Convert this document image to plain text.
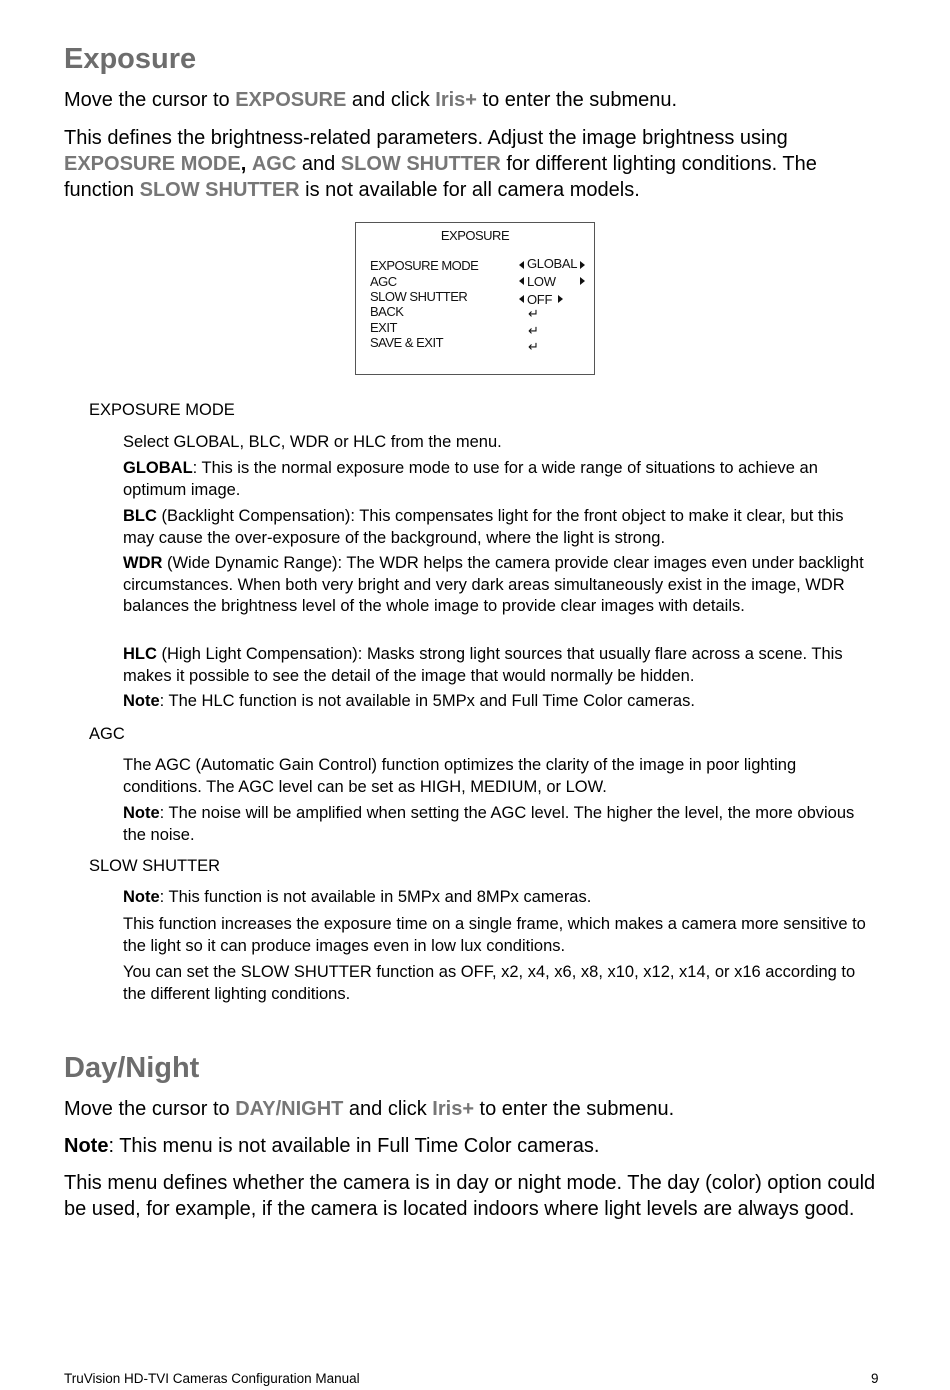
Exposure
Move the cursor to EXPOSURE and click Iris+ to enter the submenu.
This defines the brightness-related parameters. Adjust the image brightness using EXPOSURE MODE, AGC and SLOW SHUTTER for different lighting conditions. The function SLOW SHUTTER is not available for all camera models.
EXPOSURE
EXPOSURE MODE
AGC
SLOW SHUTTER
BACK
EXIT
SAVE & EXIT
GLOBAL
LOW
OFF
↵
↵
↵
EXPOSURE MODE
Select GLOBAL, BLC, WDR or HLC from the menu.
GLOBAL: This is the normal exposure mode to use for a wide range of situations to achieve an optimum image.
BLC (Backlight Compensation): This compensates light for the front object to make it clear, but this may cause the over-exposure of the background, where the light is strong.
WDR (Wide Dynamic Range): The WDR helps the camera provide clear images even under backlight circumstances. When both very bright and very dark areas simultaneously exist in the image, WDR balances the brightness level of the whole image to provide clear images with details.
HLC (High Light Compensation): Masks strong light sources that usually flare across a scene. This makes it possible to see the detail of the image that would normally be hidden.
Note: The HLC function is not available in 5MPx and Full Time Color cameras.
AGC
The AGC (Automatic Gain Control) function optimizes the clarity of the image in poor lighting conditions. The AGC level can be set as HIGH, MEDIUM, or LOW.
Note: The noise will be amplified when setting the AGC level. The higher the level, the more obvious the noise.
SLOW SHUTTER
Note: This function is not available in 5MPx and 8MPx cameras.
This function increases the exposure time on a single frame, which makes a camera more sensitive to the light so it can produce images even in low lux conditions.
You can set the SLOW SHUTTER function as OFF, x2, x4, x6, x8, x10, x12, x14, or x16 according to the different lighting conditions.
Day/Night
Move the cursor to DAY/NIGHT and click Iris+ to enter the submenu.
Note: This menu is not available in Full Time Color cameras.
This menu defines whether the camera is in day or night mode. The day (color) option could be used, for example, if the camera is located indoors where light levels are always good.
TruVision HD-TVI Cameras Configuration Manual	9
